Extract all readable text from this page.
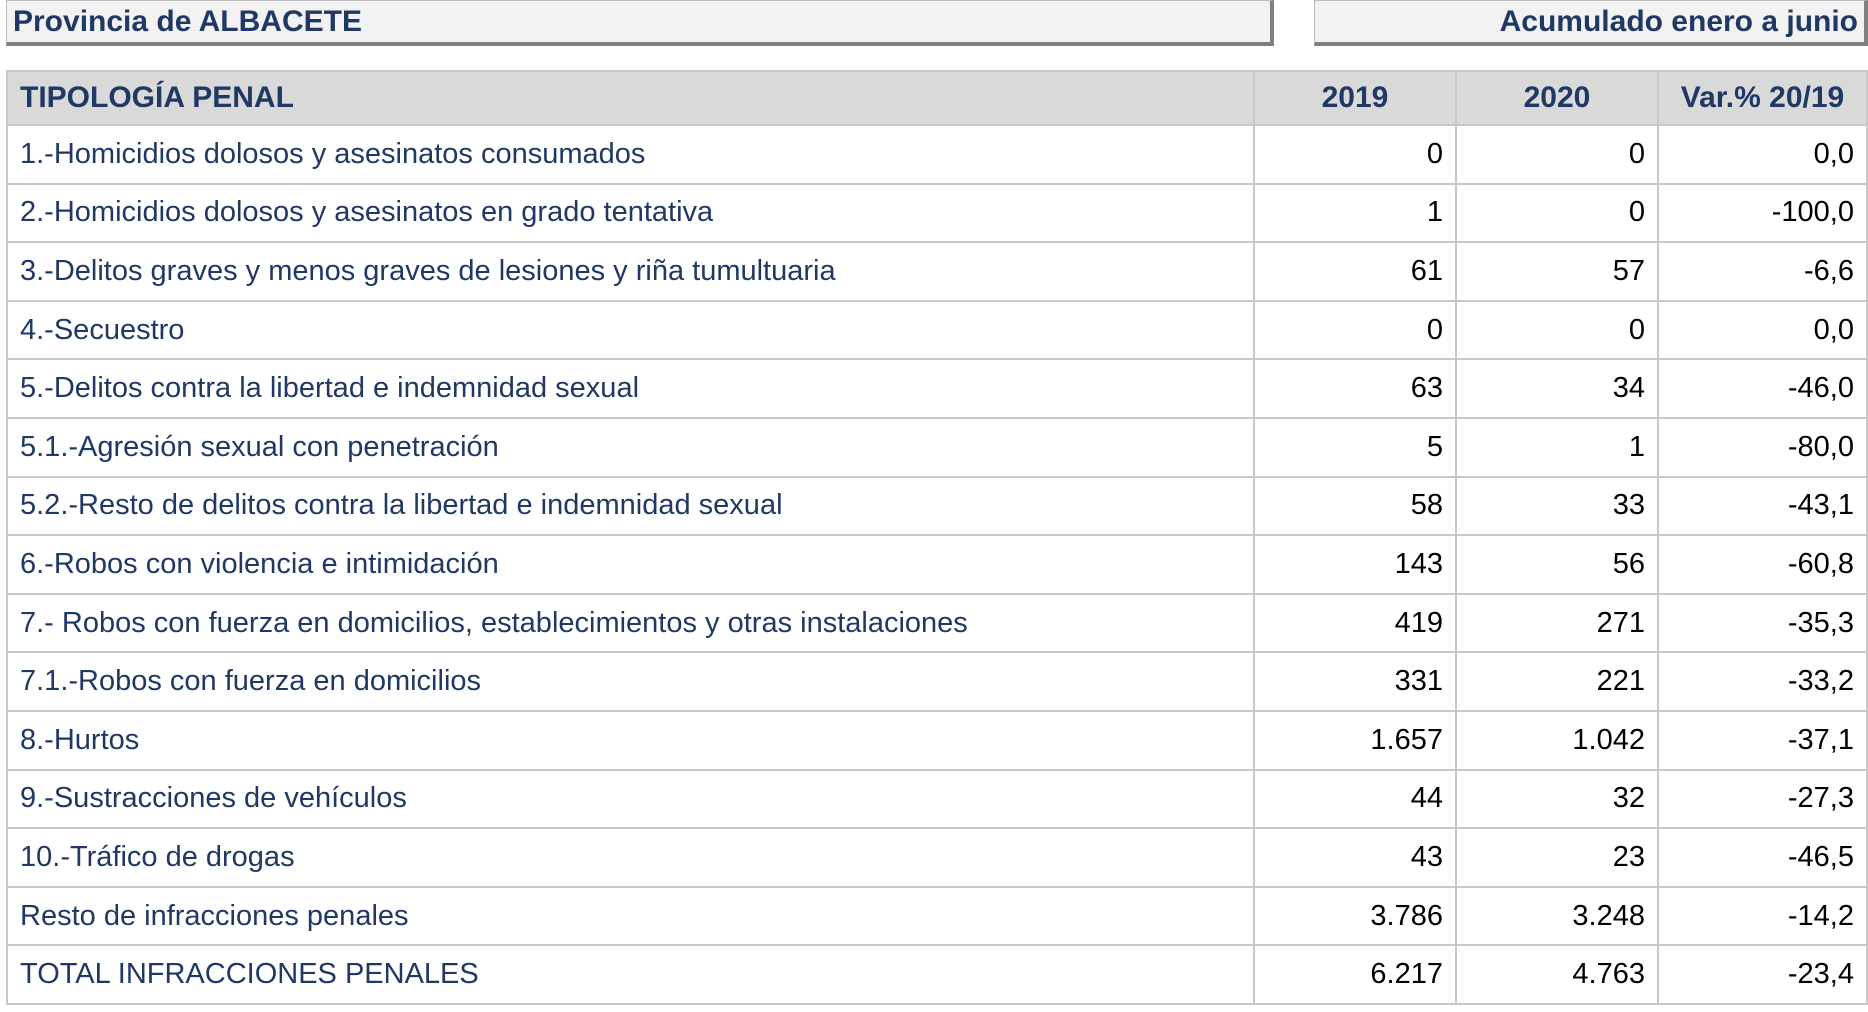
Provincia de ALBACETE	Acumulado enero a junio
TIPOLOGÍA PENAL	2019	2020	Var.% 20/19
1.-Homicidios dolosos y asesinatos consumados	0	0	0,0
2.-Homicidios dolosos y asesinatos en grado tentativa	1	0	-100,0
3.-Delitos graves y menos graves de lesiones y riña tumultuaria	61	57	-6,6
4.-Secuestro	0	0	0,0
5.-Delitos contra la libertad e indemnidad sexual	63	34	-46,0
5.1.-Agresión sexual con penetración	5	1	-80,0
5.2.-Resto de delitos contra la libertad e indemnidad sexual	58	33	-43,1
6.-Robos con violencia e intimidación	143	56	-60,8
7.- Robos con fuerza en domicilios, establecimientos y otras instalaciones	419	271	-35,3
7.1.-Robos con fuerza en domicilios	331	221	-33,2
8.-Hurtos	1.657	1.042	-37,1
9.-Sustracciones de vehículos	44	32	-27,3
10.-Tráfico de drogas	43	23	-46,5
Resto de infracciones penales	3.786	3.248	-14,2
TOTAL INFRACCIONES PENALES	6.217	4.763	-23,4
